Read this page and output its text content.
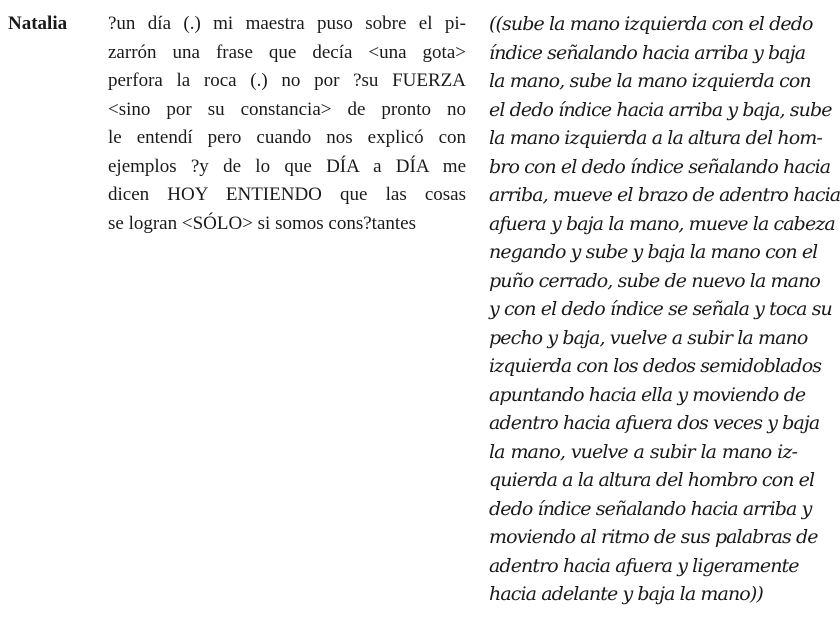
Natalia ?un día (.) mi maestra puso sobre el pi-
zarrón una frase que decía <una gota>
perfora la roca (.) no por ?su FUERZA
<sino por su constancia> de pronto no
le entendí pero cuando nos explicó con
ejemplos ?y de lo que DÍA a DÍA me
dicen HOY ENTIENDO que las cosas
se logran <SÓLO> si somos cons?tantes
((sube la mano izquierda con el dedo
índice señalando hacia arriba y baja
la mano, sube la mano izquierda con
el dedo índice hacia arriba y baja, sube
la mano izquierda a la altura del hom-
bro con el dedo índice señalando hacia
arriba, mueve el brazo de adentro hacia
afuera y baja la mano, mueve la cabeza
negando y sube y baja la mano con el
puño cerrado, sube de nuevo la mano
y con el dedo índice se señala y toca su
pecho y baja, vuelve a subir la mano
izquierda con los dedos semidoblados
apuntando hacia ella y moviendo de
adentro hacia afuera dos veces y baja
la mano, vuelve a subir la mano iz-
quierda a la altura del hombro con el
dedo índice señalando hacia arriba y
moviendo al ritmo de sus palabras de
adentro hacia afuera y ligeramente
hacia adelante y baja la mano))
